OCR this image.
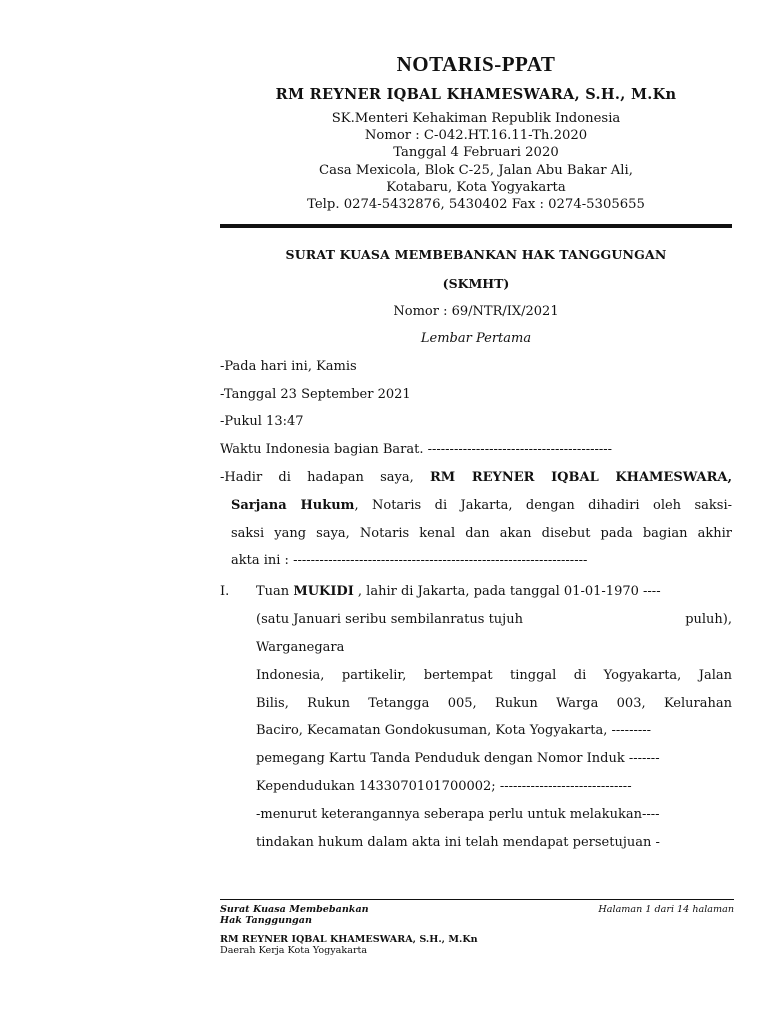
NOTARIS-PPAT
RM REYNER IQBAL KHAMESWARA, S.H., M.Kn
SK.Menteri Kehakiman Republik Indonesia
Nomor : C-042.HT.16.11-Th.2020
Tanggal 4 Februari 2020
Casa Mexicola, Blok C-25, Jalan Abu Bakar Ali,
Kotabaru, Kota Yogyakarta
Telp. 0274-5432876, 5430402 Fax : 0274-5305655
SURAT KUASA MEMBEBANKAN HAK TANGGUNGAN
(SKMHT)
Nomor : 69/NTR/IX/2021
Lembar Pertama
-Pada hari ini, Kamis
-Tanggal 23 September 2021
-Pukul 13:47
Waktu Indonesia bagian Barat. ------------------------------------------
-Hadir di hadapan saya, RM REYNER IQBAL KHAMESWARA,
Sarjana Hukum, Notaris di Jakarta, dengan dihadiri oleh saksi-
saksi yang saya, Notaris kenal dan akan disebut pada bagian akhir
akta ini : -------------------------------------------------------------------
I. Tuan MUKIDI , lahir di Jakarta, pada tanggal 01-01-1970 ----
(satu Januari seribu sembilanratus tujuh	puluh),
Warganegara
Indonesia, partikelir, bertempat tinggal di Yogyakarta, Jalan
Bilis, Rukun Tetangga 005, Rukun Warga 003, Kelurahan
Baciro, Kecamatan Gondokusuman, Kota Yogyakarta, ---------
pemegang Kartu Tanda Penduduk dengan Nomor Induk -------
Kependudukan 1433070101700002; ------------------------------
-menurut keterangannya seberapa perlu untuk melakukan----
tindakan hukum dalam akta ini telah mendapat persetujuan -
Surat Kuasa Membebankan
Hak Tanggungan
Halaman 1 dari 14 halaman
RM REYNER IQBAL KHAMESWARA, S.H., M.Kn
Daerah Kerja Kota Yogyakarta
